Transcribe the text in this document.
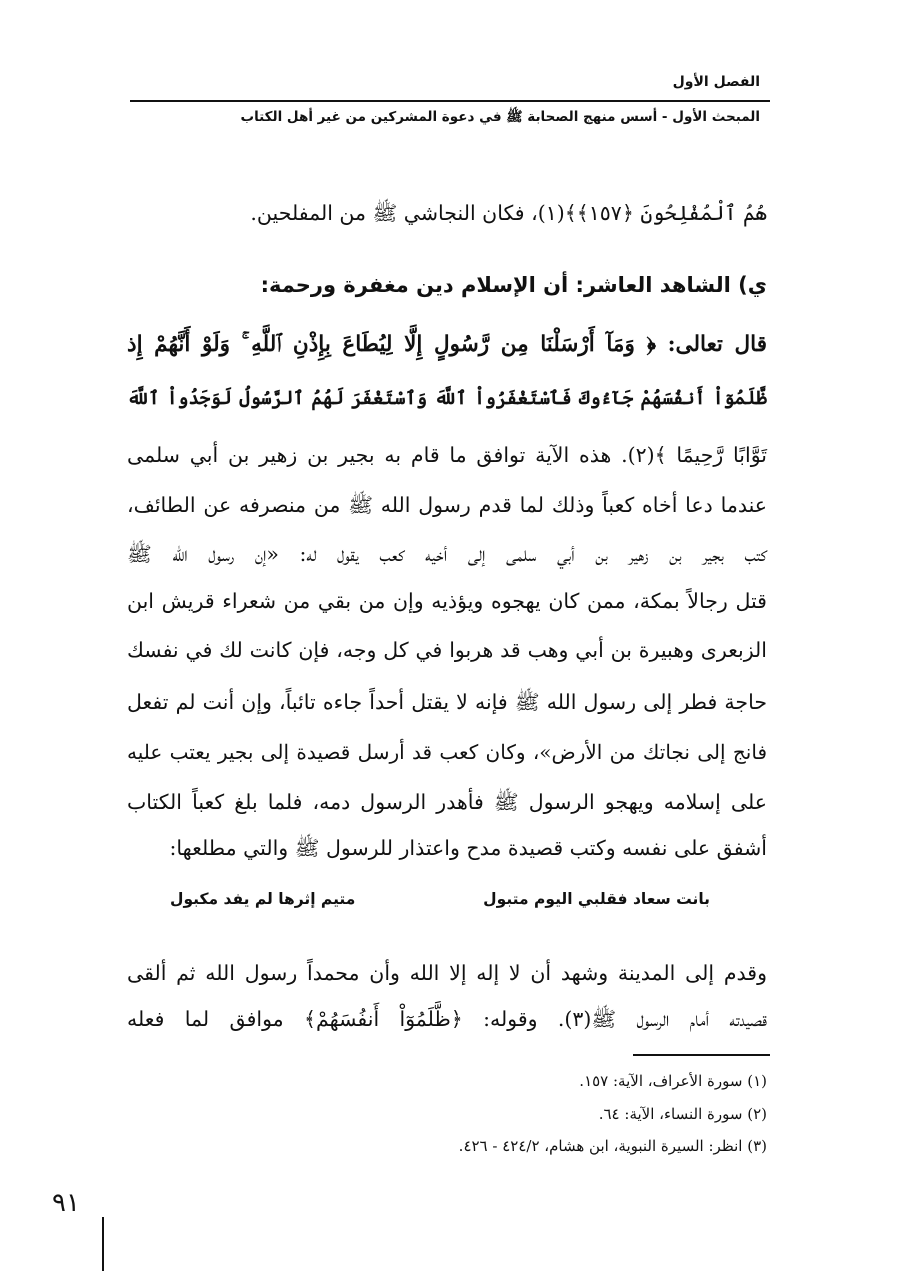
الفصل الأول
المبحث الأول - أسس منهج الصحابة ﷺ في دعوة المشركين من غير أهل الكتاب
هُمُ ٱلْمُفْلِحُونَ ﴿١٥٧﴾﴾(١)، فكان النجاشي ﷺ من المفلحين.
ي) الشاهد العاشر: أن الإسلام دين مغفرة ورحمة:
قال تعالى: ﴿ وَمَآ أَرْسَلْنَا مِن رَّسُولٍ إِلَّا لِيُطَاعَ بِإِذْنِ ٱللَّهِ ۚ وَلَوْ أَنَّهُمْ إِذ
ظَّلَمُوٓاْ أَنفُسَهُمْ جَآءُوكَ فَٱسْتَغْفَرُواْ ٱللَّهَ وَٱسْتَغْفَرَ لَهُمُ ٱلرَّسُولُ لَوَجَدُواْ ٱللَّهَ
تَوَّابًا رَّحِيمًا ﴾(٢). هذه الآية توافق ما قام به بجير بن زهير بن أبي سلمى
عندما دعا أخاه كعباً وذلك لما قدم رسول الله ﷺ من منصرفه عن الطائف،
كتب بجير بن زهير بن أبي سلمى إلى أخيه كعب يقول له: «إن رسول الله ﷺ
قتل رجالاً بمكة، ممن كان يهجوه ويؤذيه وإن من بقي من شعراء قريش ابن
الزبعرى وهبيرة بن أبي وهب قد هربوا في كل وجه، فإن كانت لك في نفسك
حاجة فطر إلى رسول الله ﷺ فإنه لا يقتل أحداً جاءه تائباً، وإن أنت لم تفعل
فانج إلى نجاتك من الأرض»، وكان كعب قد أرسل قصيدة إلى بجير يعتب عليه
على إسلامه ويهجو الرسول ﷺ فأهدر الرسول دمه، فلما بلغ كعباً الكتاب
أشفق على نفسه وكتب قصيدة مدح واعتذار للرسول ﷺ والتي مطلعها:
بانت سعاد فقلبي اليوم متبول
متيم إثرها لم يفد مكبول
وقدم إلى المدينة وشهد أن لا إله إلا الله وأن محمداً رسول الله ثم ألقى
قصيدته أمام الرسول ﷺ(٣). وقوله: ﴿ظَّلَمُوٓاْ أَنفُسَهُمْ﴾ موافق لما فعله
(١) سورة الأعراف، الآية: ١٥٧.
(٢) سورة النساء، الآية: ٦٤.
(٣) انظر: السيرة النبوية، ابن هشام، ٤٢٤/٢ - ٤٢٦.
٩١
